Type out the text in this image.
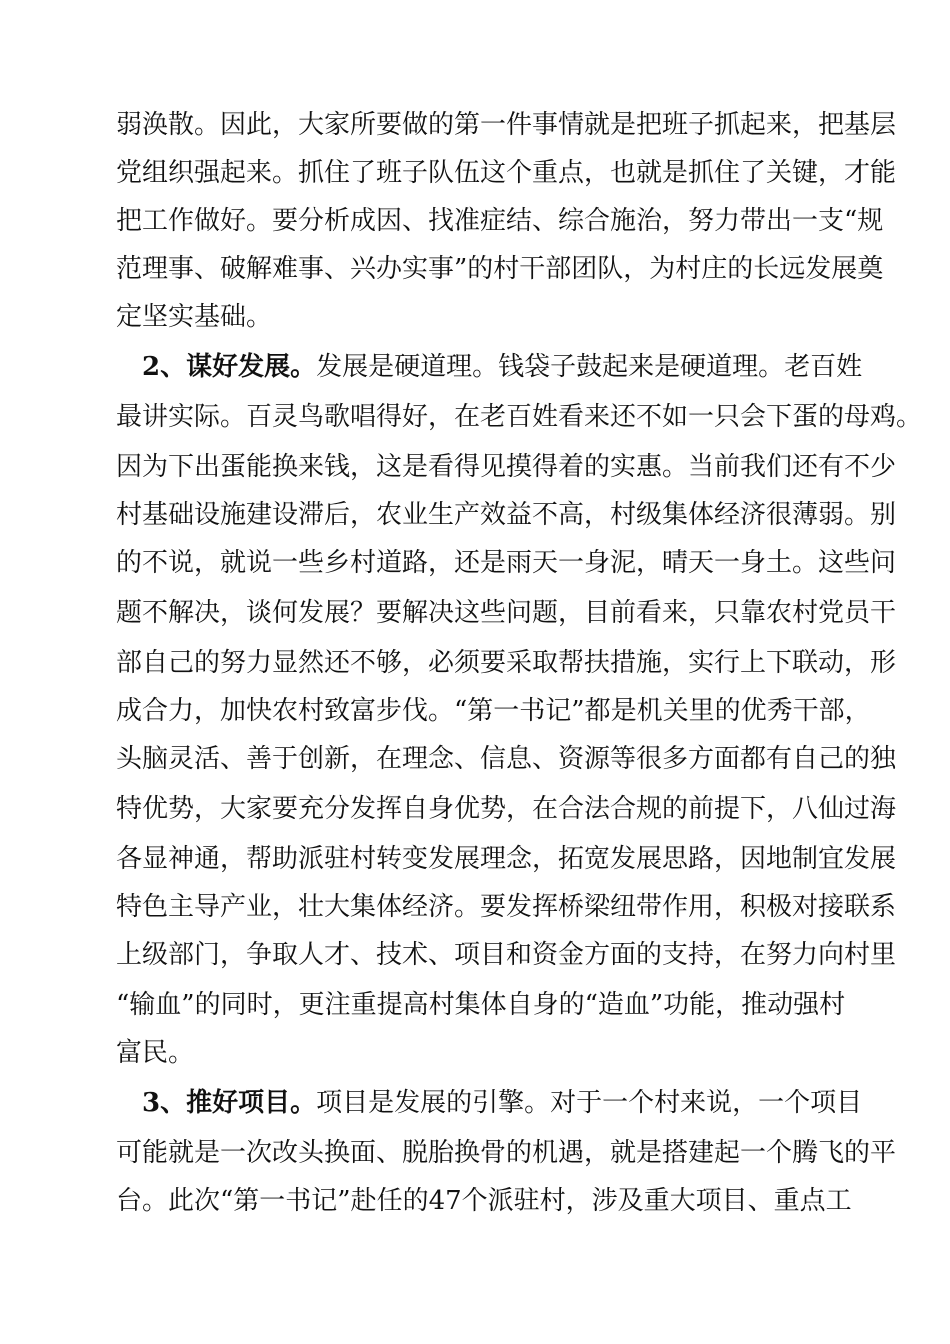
弱涣散。因此，大家所要做的第一件事情就是把班子抓起来，把基层
党组织强起来。抓住了班子队伍这个重点，也就是抓住了关键，才能
把工作做好。要分析成因、找准症结、综合施治，努力带出一支“规
范理事、破解难事、兴办实事”的村干部团队，为村庄的长远发展奠
定坚实基础。
2、谋好发展。发展是硬道理。钱袋子鼓起来是硬道理。老百姓
最讲实际。百灵鸟歌唱得好，在老百姓看来还不如一只会下蛋的母鸡。
因为下出蛋能换来钱，这是看得见摸得着的实惠。当前我们还有不少
村基础设施建设滞后，农业生产效益不高，村级集体经济很薄弱。别
的不说，就说一些乡村道路，还是雨天一身泥，晴天一身土。这些问
题不解决，谈何发展？要解决这些问题，目前看来，只靠农村党员干
部自己的努力显然还不够，必须要采取帮扶措施，实行上下联动，形
成合力，加快农村致富步伐。“第一书记”都是机关里的优秀干部，
头脑灵活、善于创新，在理念、信息、资源等很多方面都有自己的独
特优势，大家要充分发挥自身优势，在合法合规的前提下，八仙过海
各显神通，帮助派驻村转变发展理念，拓宽发展思路，因地制宜发展
特色主导产业，壮大集体经济。要发挥桥梁纽带作用，积极对接联系
上级部门，争取人才、技术、项目和资金方面的支持，在努力向村里
“输血”的同时，更注重提高村集体自身的“造血”功能，推动强村
富民。
3、推好项目。项目是发展的引擎。对于一个村来说，一个项目
可能就是一次改头换面、脱胎换骨的机遇，就是搭建起一个腾飞的平
台。此次“第一书记”赴任的47个派驻村，涉及重大项目、重点工
